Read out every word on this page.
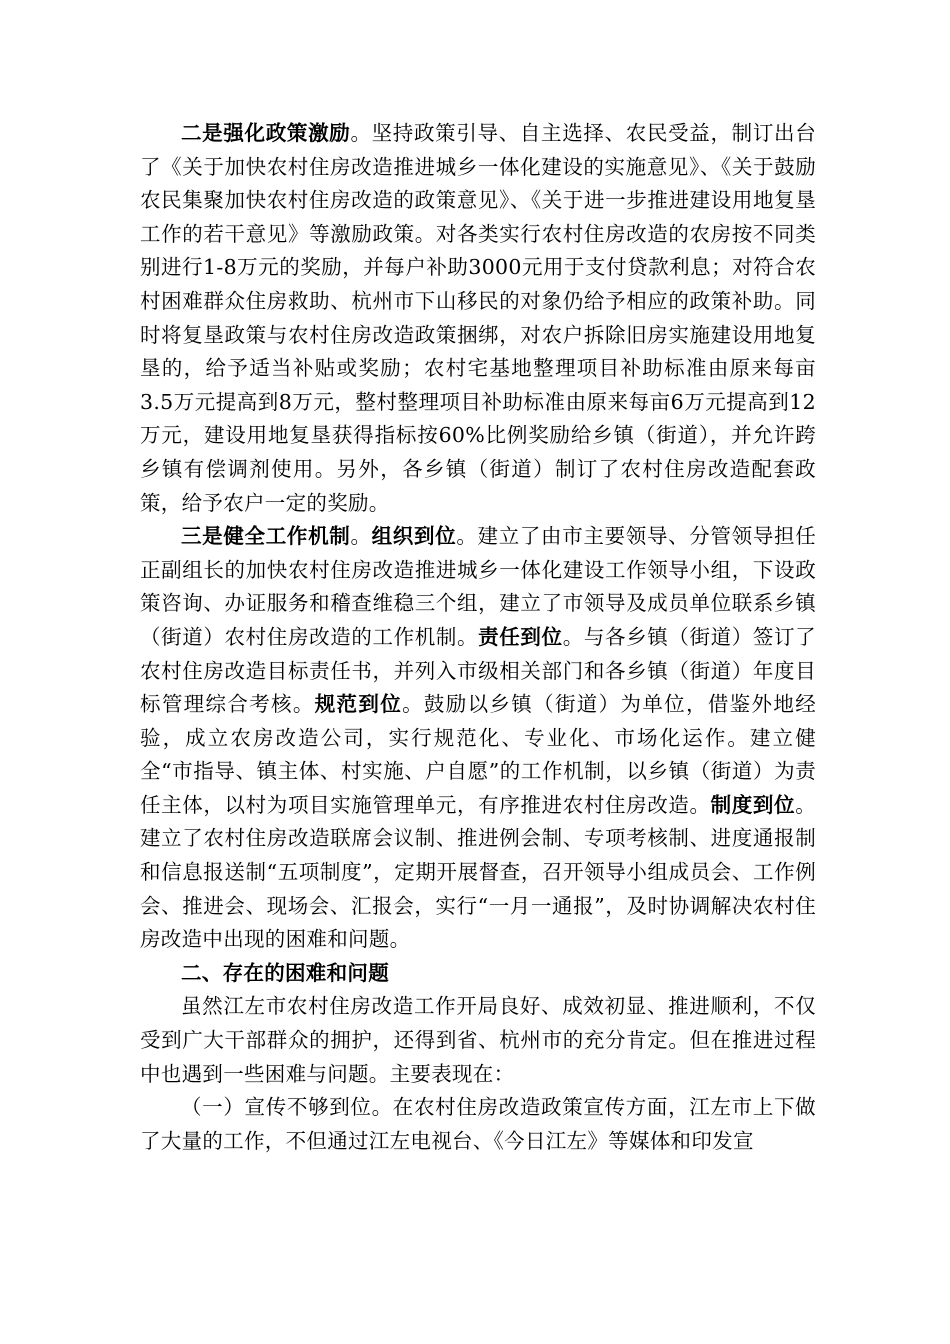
二是强化政策激励。坚持政策引导、自主选择、农民受益，制订出台了《关于加快农村住房改造推进城乡一体化建设的实施意见》、《关于鼓励农民集聚加快农村住房改造的政策意见》、《关于进一步推进建设用地复垦工作的若干意见》等激励政策。对各类实行农村住房改造的农房按不同类别进行1-8万元的奖励，并每户补助3000元用于支付贷款利息；对符合农村困难群众住房救助、杭州市下山移民的对象仍给予相应的政策补助。同时将复垦政策与农村住房改造政策捆绑，对农户拆除旧房实施建设用地复垦的，给予适当补贴或奖励；农村宅基地整理项目补助标准由原来每亩3.5万元提高到8万元，整村整理项目补助标准由原来每亩6万元提高到12万元，建设用地复垦获得指标按60%比例奖励给乡镇（街道），并允许跨乡镇有偿调剂使用。另外，各乡镇（街道）制订了农村住房改造配套政策，给予农户一定的奖励。

三是健全工作机制。组织到位。建立了由市主要领导、分管领导担任正副组长的加快农村住房改造推进城乡一体化建设工作领导小组，下设政策咨询、办证服务和稽查维稳三个组，建立了市领导及成员单位联系乡镇（街道）农村住房改造的工作机制。责任到位。与各乡镇（街道）签订了农村住房改造目标责任书，并列入市级相关部门和各乡镇（街道）年度目标管理综合考核。规范到位。鼓励以乡镇（街道）为单位，借鉴外地经验，成立农房改造公司，实行规范化、专业化、市场化运作。建立健全“市指导、镇主体、村实施、户自愿”的工作机制，以乡镇（街道）为责任主体，以村为项目实施管理单元，有序推进农村住房改造。制度到位。建立了农村住房改造联席会议制、推进例会制、专项考核制、进度通报制和信息报送制“五项制度”，定期开展督查，召开领导小组成员会、工作例会、推进会、现场会、汇报会，实行“一月一通报”，及时协调解决农村住房改造中出现的困难和问题。

二、存在的困难和问题

虽然江左市农村住房改造工作开局良好、成效初显、推进顺利，不仅受到广大干部群众的拥护，还得到省、杭州市的充分肯定。但在推进过程中也遇到一些困难与问题。主要表现在：

（一）宣传不够到位。在农村住房改造政策宣传方面，江左市上下做了大量的工作，不但通过江左电视台、《今日江左》等媒体和印发宣
